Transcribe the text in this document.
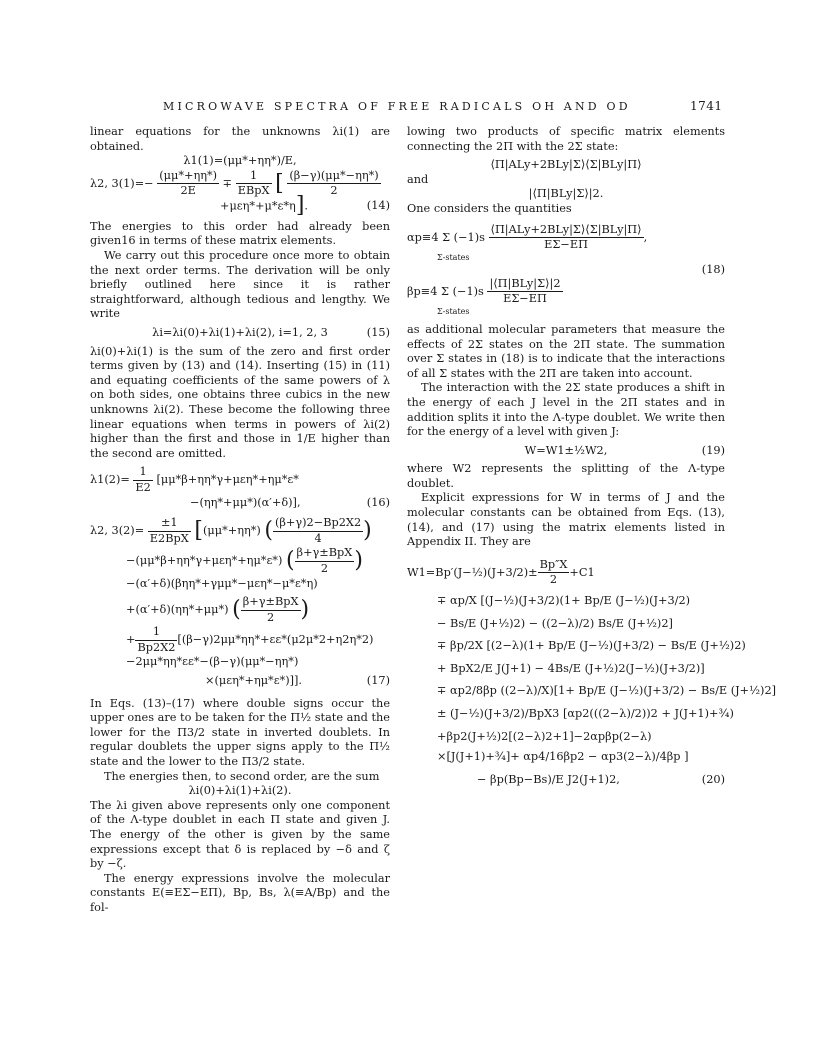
MICROWAVE SPECTRA OF FREE RADICALS OH AND OD	1741

linear equations for the unknowns λi(1) are obtained.

λ1(1)=(μμ*+ηη*)/E,
λ2, $3(1)=- \frac{(\mu\mu*+\eta\eta*)}{2E} \mp \frac{1}{\text{EBpX}}$ [ $\frac{(\beta-\gamma)(\mu\mu*-\eta\eta*)}{2}$
+μεη*+μ*ε*η].	(14)

The energies to this order had already been given16 in terms of these matrix elements.

We carry out this procedure once more to obtain the next order terms. The derivation will be only briefly outlined here since it is rather straightforward, although tedious and lengthy. We write

λi=λi(0)+λi(1)+λi(2), i=1, 2, 3	(15)

λi(0)+λi(1) is the sum of the zero and first order terms given by (13) and (14). Inserting (15) in (11) and equating coefficients of the same powers of λ on both sides, one obtains three cubics in the new unknowns λi(2). These become the following three linear equations when terms in powers of λi(2) higher than the first and those in 1/E higher than the second are omitted.

$\lambda 1(2)= \frac{1}{E2} [\mu\mu*\beta+\eta\eta*\gamma+\mu\varepsilon\eta*+\eta\mu*\varepsilon*$
−(ηη*+μμ*)(α′+δ)],	(16)
λ2, $3(2)= \frac{\pm 1}{\text{E2BpX}} [(\mu\mu*+\eta\eta*)$ ( $\frac{(\beta+\gamma)2-Bp2X2}{4}$ )
−(μμ*β+ηη*γ+μεη*+ημ*ε*) ( $\frac{\text{β+γ±BpX}}{2}$ )
−(α′+δ)(βηη*+γμμ*−μεη*−μ*ε*η)
+(α′+δ)(ηη*+μμ*) ( $\frac{\text{β+γ±BpX}}{2}$ )
+ $\frac{1}{Bp2X2} [(\beta-\gamma)2\mu\mu*\eta\eta*+\varepsilon\varepsilon*(\mu 2\mu*2+\eta 2\eta*2)$
−2μμ*ηη*εε*−(β−γ)(μμ*−ηη*)
×(μεη*+ημ*ε*)]].	(17)

In Eqs. (13)–(17) where double signs occur the upper ones are to be taken for the Π½ state and the lower for the Π3/2 state in inverted doublets. In regular doublets the upper signs apply to the Π½ state and the lower to the Π3/2 state.

The energies then, to second order, are the sum

λi(0)+λi(1)+λi(2).

The λi given above represents only one component of the Λ-type doublet in each Π state and given J. The energy of the other is given by the same expressions except that δ is replaced by −δ and ζ by −ζ.

The energy expressions involve the molecular constants E(≡EΣ−EΠ), Bp, Bs, λ(≡A/Bp) and the fol-

lowing two products of specific matrix elements connecting the 2Π with the 2Σ state:

⟨Π|ALy+2BLy|Σ⟩⟨Σ|BLy|Π⟩
and
|⟨Π|BLy|Σ⟩|2.

One considers the quantities

αp≡4 Σ $(-1)s \frac{\text{⟨Π|ALy+2BLy|Σ⟩⟨Σ|BLy|Π⟩}}{E\Sigma-E\Pi}$ ,
Σ-states
(18)
βp≡4 Σ $(-1)s \frac{\text{|⟨Π|BLy|Σ⟩|2}}{E\Sigma-E\Pi}$
Σ-states

as additional molecular parameters that measure the effects of 2Σ states on the 2Π state. The summation over Σ states in (18) is to indicate that the interactions of all Σ states with the 2Π are taken into account.

The interaction with the 2Σ state produces a shift in the energy of each J level in the 2Π states and in addition splits it into the Λ-type doublet. We write then for the energy of a level with given J:

W=W1±½W2,	(19)

where W2 represents the splitting of the Λ-type doublet.

Explicit expressions for W in terms of J and the molecular constants can be obtained from Eqs. (13), (14), and (17) using the matrix elements listed in Appendix II. They are

W1=Bp′(J−½)(J+3/2)± $\frac{Bp''X}{2} +C1$
∓ αp/X [(J−½)(J+3/2)(1+ Bp/E (J−½)(J+3/2)
− Bs/E (J+½)2) − ((2−λ)/2) Bs/E (J+½)2]
∓ βp/2X [(2−λ)(1+ Bp/E (J−½)(J+3/2) − Bs/E (J+½)2)
+ BpX2/E J(J+1) − 4Bs/E (J+½)2(J−½)(J+3/2)]
∓ αp2/8βp ((2−λ)/X)[1+ Bp/E (J−½)(J+3/2) − Bs/E (J+½)2]
± (J−½)(J+3/2)/BpX3 [αp2(((2−λ)/2))2 + J(J+1)+¾)
+βp2(J+½)2[(2−λ)2+1]−2αpβp(2−λ)
×[J(J+1)+¾]+ αp4/16βp2 − αp3(2−λ)/4βp ]
− βp(Bp−Bs)/E J2(J+1)2,	(20)
